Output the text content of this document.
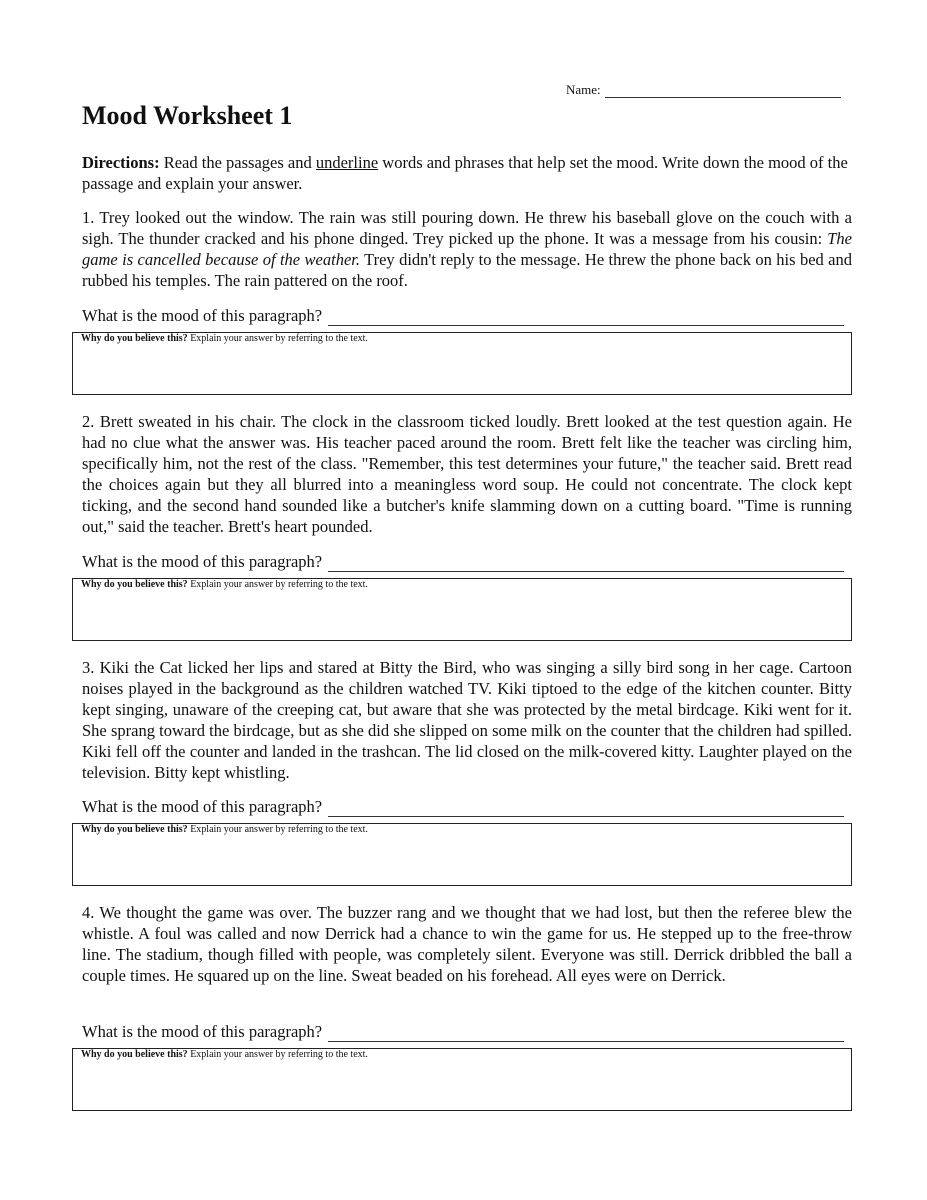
Name:
Mood Worksheet 1

Directions: Read the passages and underline words and phrases that help set the mood. Write down the mood of the passage and explain your answer.

1. Trey looked out the window. The rain was still pouring down. He threw his baseball glove on the couch with a sigh. The thunder cracked and his phone dinged. Trey picked up the phone. It was a message from his cousin: The game is cancelled because of the weather. Trey didn't reply to the message. He threw the phone back on his bed and rubbed his temples. The rain pattered on the roof.

What is the mood of this paragraph?
Why do you believe this? Explain your answer by referring to the text.

2. Brett sweated in his chair. The clock in the classroom ticked loudly. Brett looked at the test question again. He had no clue what the answer was. His teacher paced around the room. Brett felt like the teacher was circling him, specifically him, not the rest of the class. "Remember, this test determines your future," the teacher said. Brett read the choices again but they all blurred into a meaningless word soup. He could not concentrate. The clock kept ticking, and the second hand sounded like a butcher's knife slamming down on a cutting board. "Time is running out," said the teacher. Brett's heart pounded.

What is the mood of this paragraph?
Why do you believe this? Explain your answer by referring to the text.

3. Kiki the Cat licked her lips and stared at Bitty the Bird, who was singing a silly bird song in her cage. Cartoon noises played in the background as the children watched TV. Kiki tiptoed to the edge of the kitchen counter. Bitty kept singing, unaware of the creeping cat, but aware that she was protected by the metal birdcage. Kiki went for it. She sprang toward the birdcage, but as she did she slipped on some milk on the counter that the children had spilled. Kiki fell off the counter and landed in the trashcan. The lid closed on the milk-covered kitty. Laughter played on the television. Bitty kept whistling.

What is the mood of this paragraph?
Why do you believe this? Explain your answer by referring to the text.

4. We thought the game was over. The buzzer rang and we thought that we had lost, but then the referee blew the whistle. A foul was called and now Derrick had a chance to win the game for us. He stepped up to the free-throw line. The stadium, though filled with people, was completely silent. Everyone was still. Derrick dribbled the ball a couple times. He squared up on the line. Sweat beaded on his forehead. All eyes were on Derrick.

What is the mood of this paragraph?
Why do you believe this? Explain your answer by referring to the text.
